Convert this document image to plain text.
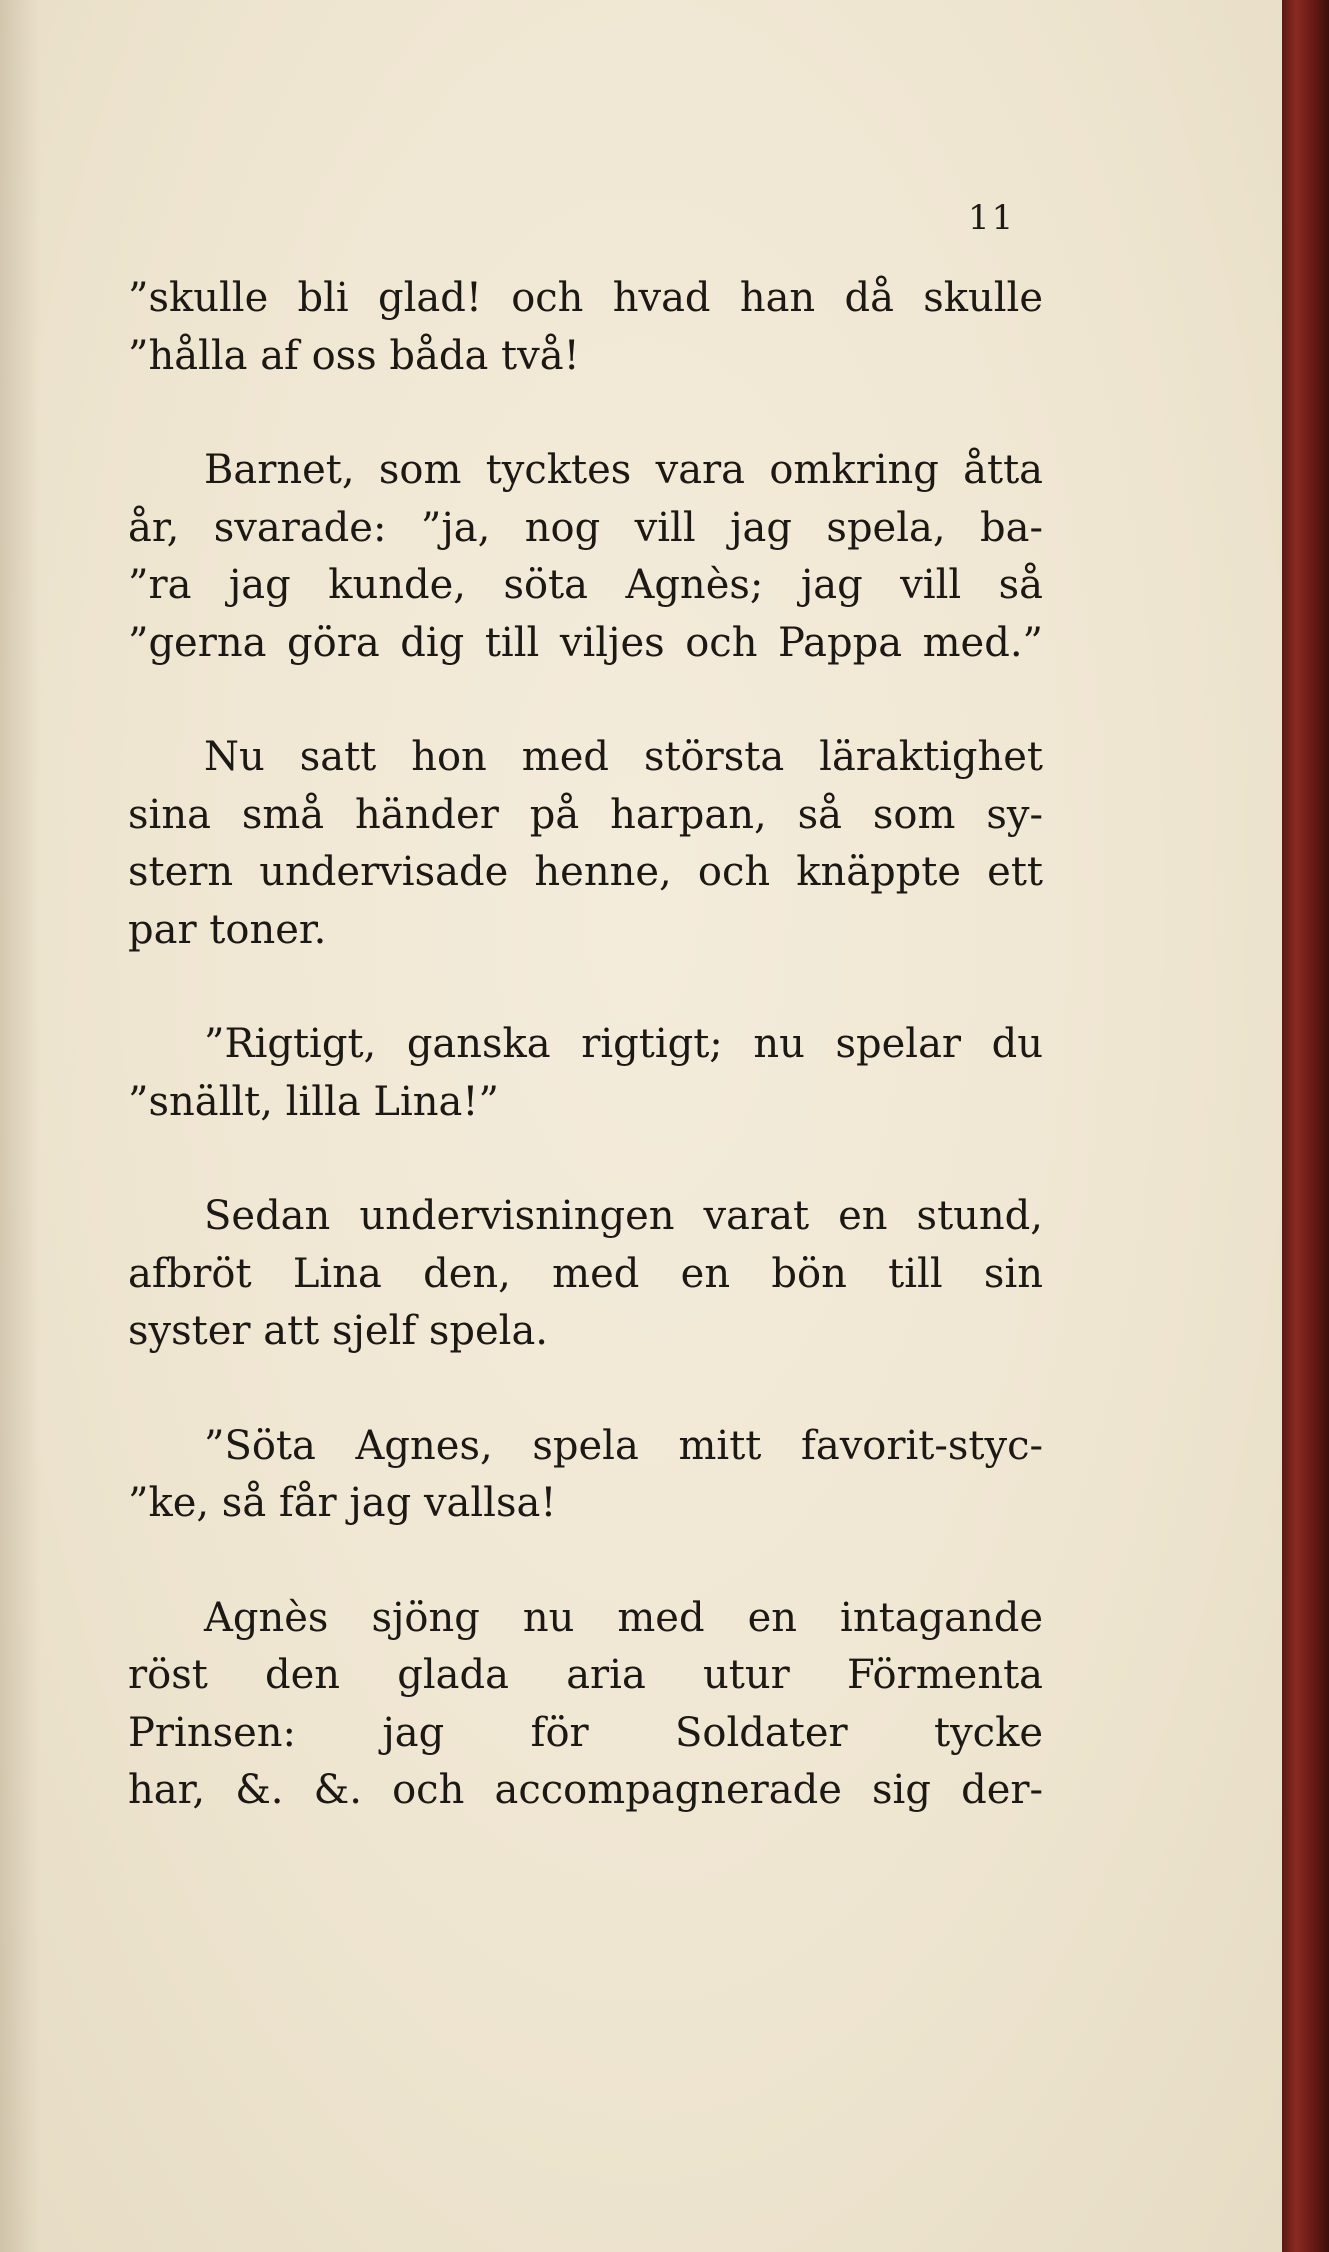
11
”skulle bli glad! och hvad han då skulle
”hålla af oss båda två!
Barnet, som tycktes vara omkring åtta
år, svarade: ”ja, nog vill jag spela, ba-
”ra jag kunde, söta Agnès; jag vill så
”gerna göra dig till viljes och Pappa med.”
Nu satt hon med största läraktighet
sina små händer på harpan, så som sy-
stern undervisade henne, och knäppte ett
par toner.
”Rigtigt, ganska rigtigt; nu spelar du
”snällt, lilla Lina!”
Sedan undervisningen varat en stund,
afbröt Lina den, med en bön till sin
syster att sjelf spela.
”Söta Agnes, spela mitt favorit-styc-
”ke, så får jag vallsa!
Agnès sjöng nu med en intagande
röst den glada aria utur Förmenta
Prinsen: jag för Soldater tycke
har, &. &. och accompagnerade sig der-
